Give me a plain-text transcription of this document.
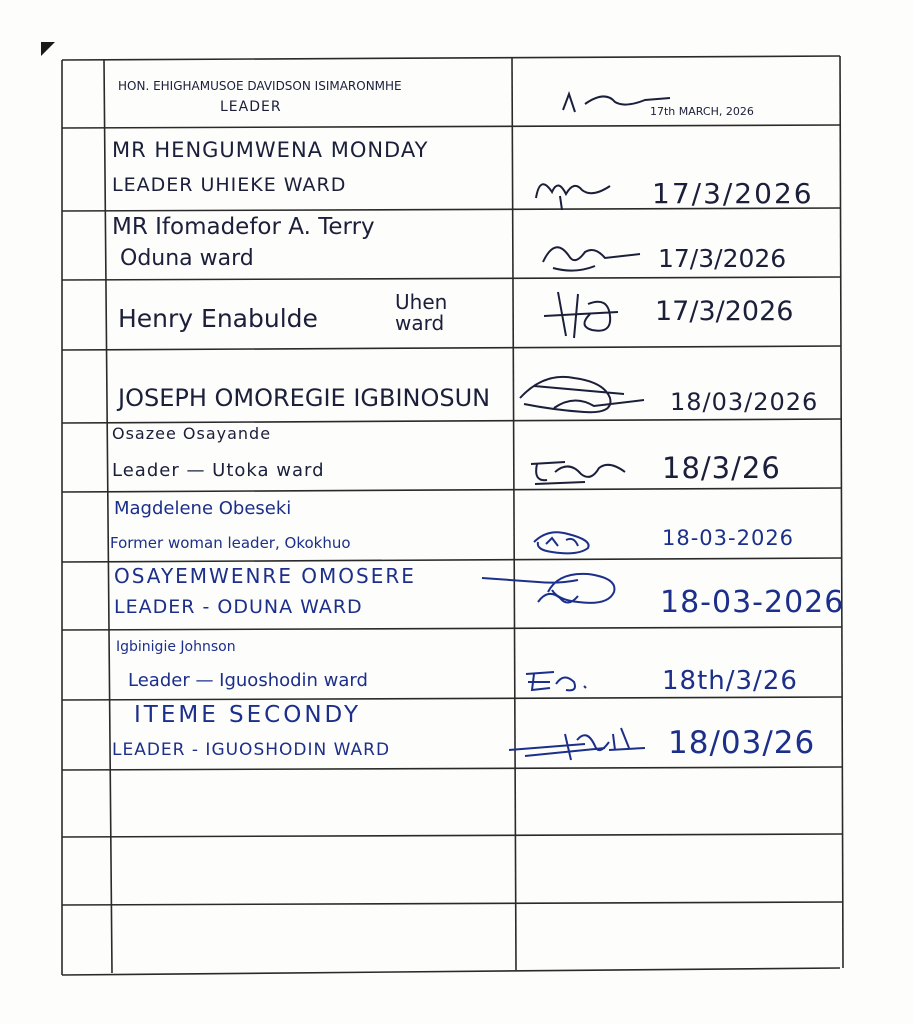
HON. EHIGHAMUSOE DAVIDSON ISIMARONMHE
LEADER	17th MARCH, 2026
MR HENGUMWENA MONDAY
LEADER UHIEKE WARD	17/3/2026
MR Ifomadefor A. Terry
Oduna ward	17/3/2026
Henry Enabulde
Uhen ward	17/3/2026
JOSEPH OMOREGIE IGBINOSUN	18/03/2026
Osazee Osayande
Leader — Utoka ward	18/3/26
Magdelene Obeseki
Former woman leader, Okokhuo	18-03-2026
OSAYEMWENRE OMOSERE
LEADER - ODUNA WARD	18-03-2026
Igbinigie Johnson
Leader — Iguoshodin ward	18th/3/26
ITEME SECONDY
LEADER - IGUOSHODIN WARD	18/03/26
